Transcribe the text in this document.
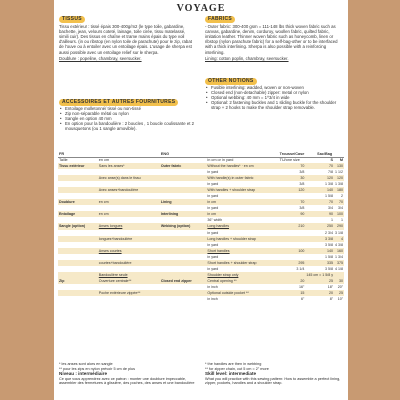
VOYAGE
TISSUS

Tissu extérieur : tissé épais 300-400g/m2 (le type toile, gabardine, bachette, jean, velours coteté, lainage, toile cirée, tissu matelassé, simili cuir). Des tissus en chaîne et trame mains épais du type voil d'ailleurs. (in ou ribstop (en nylon toile de parachute) pour le zip, rabat de l'ouve ou à entoiler avec un entoilage épais. L'usage de sherpa est aussi possible avec un entoilage relief sur le sherpa.

Doublure : popeline, chambray, seersucker.

FABRICS

- Outer fabric: 300-400 gsm = 111-148 lbs thick woven fabric such as canvas, gabardine, denim, corduroy, woollen fabric, quilted fabric, imitation leather. Thinner woven fabric such as honeycomb, linen or ribstop (nylon parachute fabric) for a self-bag-other or to be interfaced with a thick interlining. Sherpa is also possible with a reinforcing interlining.

Lining: cotton poplin, chambray, seersucker.

ACCESSOIRES ET AUTRES FOURNITURES
• Entoilage molletonné/ tissé ou non-tissé
• Zip non-séparable métal ou nylon
• Sangle en option 40 mm
• En option pour la bandoulière : 2 boucles , 1 boucle coulissante et 2 mousquetons (ou 1 sangle amovible).
OTHER NOTIONS
• Fusible interlining: wadded, woven or non-woven
• Closed end (non-detachable) zipper: metal or nylon
• Optional webbing: 40 mm = 1^3/4 in wide
• Optional: 2 fastening buckles and 1 sliding buckle for the shoulder strap + 2 hooks to make the shoulder strap removable.
FR		ENG		Trousse/Case	Sac/Bag	
Taille	en cm		in cm or in yard	TU/one size	S	M
Tissu extérieur	Sans les anses*	Outer fabric	Without the handles* · en cm	70	70	130
			in yard	3/8	7/8	1 1/2
	Avec anse(s) dans le tissu		With handle(s) in outer fabric	30	120	120
			in yard	3/8	1 3/8	1 3/8
	Avec anses+bandoulière		With handles + shoulder strap	120	140	180
			in yard		1 5/8	2
Doublure	en cm	Lining	in cm	70	70	70
			in yard	3/8	3/4	3/4
Entoilage	en cm	Interlining	in cm	90	90	100
			36" width		1	1
Sangle (option)	Anses longues	Webbing (option)	Long handles	210	250	290
			in yard		2 3/4	3 1/8
	longues+bandoulière		Long handles + shoulder strap		3 3/8	4
			in yard		3 5/8	4 3/8
	Anses courtes		Short handles	100	140	160
			in yard		1 5/8	1 3/4
	courtes+bandoulière		Short handles + shoulder strap	295	335	375
			in yard	3 1/4	3 5/8	4 1/8
	Bandoulière seule		Shoulder strap only		145 cm = 1 5/8 y	
Zip	Ouverture centrale**	Closed end zipper	Central opening **	20	25	30
			in inch	16"	18"	20"
	Poche extérieure zippée**		Optional outside pocket **	15	20	25
			in inch	6"	8"	10"
* les anses sont alors en sangle
** pour les zips en nylon prévoir 5 cm de plus
Niveau : intermédiaire
Ce que vous apprendrez avec ce patron : monter une doublure impeccable, assembler des fermetures à glissière, des poches, des anses et une bandoulière
* the handles are then in webbing
** for zipper chain, cut 5 cm = 2" more
Skill level: intermediate
What you will practice with this sewing pattern: How to assemble a perfect lining, zipper, pockets, handles and a shoulder strap.
